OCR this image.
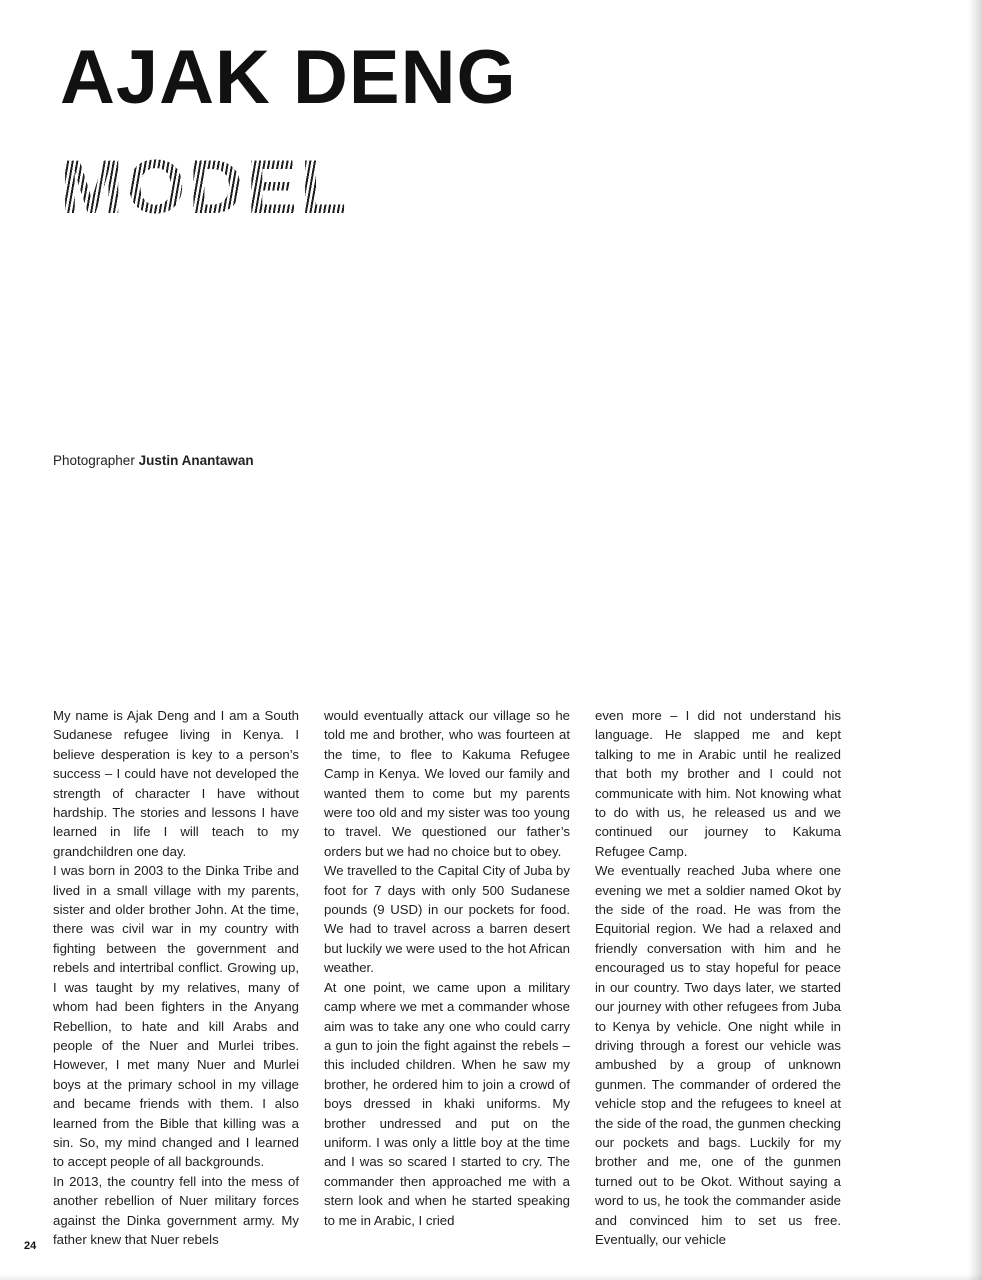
AJAK DENG
MODEL
Photographer Justin Anantawan

My name is Ajak Deng and I am a South Sudanese refugee living in Kenya. I believe desperation is key to a person’s success – I could have not developed the strength of character I have without hardship. The stories and lessons I have learned in life I will teach to my grandchildren one day.

I was born in 2003 to the Dinka Tribe and lived in a small village with my parents, sister and older brother John. At the time, there was civil war in my country with fighting between the government and rebels and intertribal conflict. Growing up, I was taught by my relatives, many of whom had been fighters in the Anyang Rebellion, to hate and kill Arabs and people of the Nuer and Murlei tribes. However, I met many Nuer and Murlei boys at the primary school in my village and became friends with them. I also learned from the Bible that killing was a sin. So, my mind changed and I learned to accept people of all backgrounds.

In 2013, the country fell into the mess of another rebellion of Nuer military forces against the Dinka government army. My father knew that Nuer rebels

would eventually attack our village so he told me and brother, who was fourteen at the time, to flee to Kakuma Refugee Camp in Kenya. We loved our family and wanted them to come but my parents were too old and my sister was too young to travel. We questioned our father’s orders but we had no choice but to obey.

We travelled to the Capital City of Juba by foot for 7 days with only 500 Sudanese pounds (9 USD) in our pockets for food. We had to travel across a barren desert but luckily we were used to the hot African weather.

At one point, we came upon a military camp where we met a commander whose aim was to take any one who could carry a gun to join the fight against the rebels – this included children. When he saw my brother, he ordered him to join a crowd of boys dressed in khaki uniforms. My brother undressed and put on the uniform. I was only a little boy at the time and I was so scared I started to cry. The commander then approached me with a stern look and when he started speaking to me in Arabic, I cried

even more – I did not understand his language. He slapped me and kept talking to me in Arabic until he realized that both my brother and I could not communicate with him. Not knowing what to do with us, he released us and we continued our journey to Kakuma Refugee Camp.

We eventually reached Juba where one evening we met a soldier named Okot by the side of the road. He was from the Equitorial region. We had a relaxed and friendly conversation with him and he encouraged us to stay hopeful for peace in our country. Two days later, we started our journey with other refugees from Juba to Kenya by vehicle. One night while in driving through a forest our vehicle was ambushed by a group of unknown gunmen. The commander of ordered the vehicle stop and the refugees to kneel at the side of the road, the gunmen checking our pockets and bags. Luckily for my brother and me, one of the gunmen turned out to be Okot. Without saying a word to us, he took the commander aside and convinced him to set us free. Eventually, our vehicle

24
